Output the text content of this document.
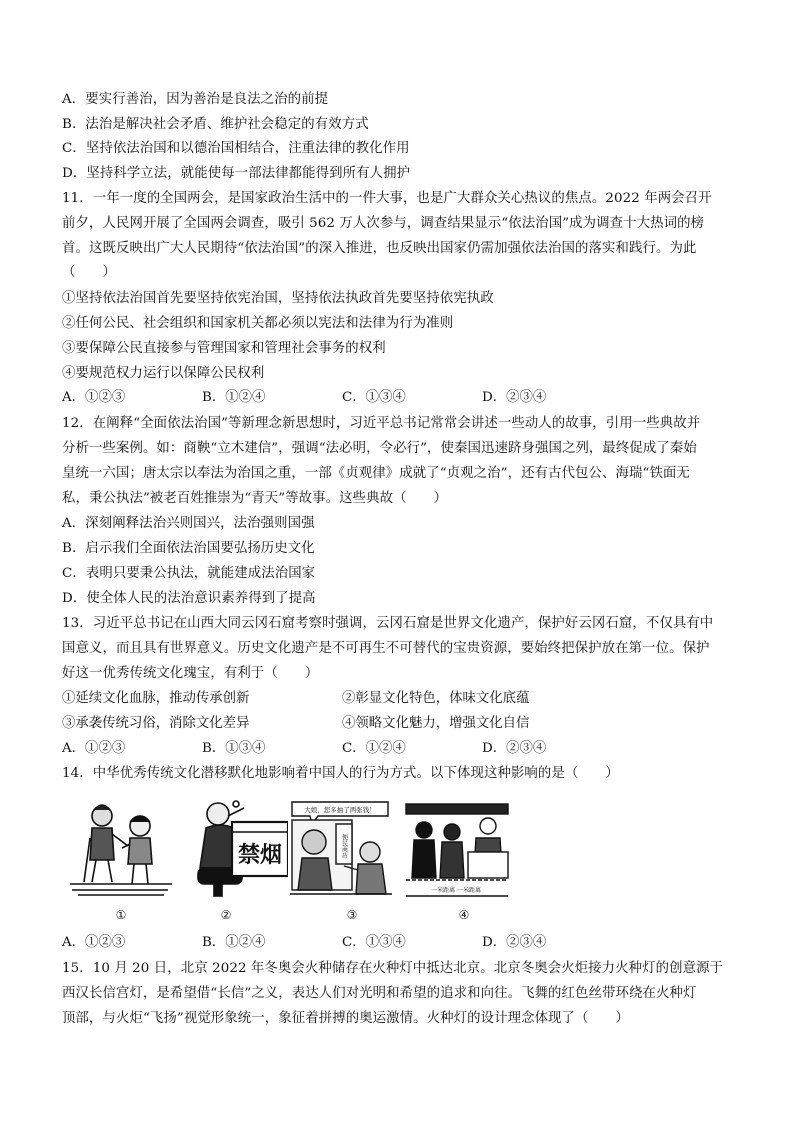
A．要实行善治，因为善治是良法之治的前提
B．法治是解决社会矛盾、维护社会稳定的有效方式
C．坚持依法治国和以德治国相结合，注重法律的教化作用
D．坚持科学立法，就能使每一部法律都能得到所有人拥护
11．一年一度的全国两会，是国家政治生活中的一件大事，也是广大群众关心热议的焦点。2022 年两会召开
前夕，人民网开展了全国两会调查，吸引 562 万人次参与，调查结果显示“依法治国”成为调查十大热词的榜
首。这既反映出广大人民期待“依法治国”的深入推进，也反映出国家仍需加强依法治国的落实和践行。为此
（　　）
①坚持依法治国首先要坚持依宪治国，坚持依法执政首先要坚持依宪执政
②任何公民、社会组织和国家机关都必须以宪法和法律为行为准则
③要保障公民直接参与管理国家和管理社会事务的权利
④要规范权力运行以保障公民权利
A．①②③	B．①②④	C．①③④	D．②③④
12．在阐释“全面依法治国”等新理念新思想时，习近平总书记常常会讲述一些动人的故事，引用一些典故并
分析一些案例。如：商鞅“立木建信”，强调“法必明，令必行”，使秦国迅速跻身强国之列，最终促成了秦始
皇统一六国；唐太宗以奉法为治国之重，一部《贞观律》成就了“贞观之治”，还有古代包公、海瑞“铁面无
私，秉公执法”被老百姓推崇为“青天”等故事。这些典故（　　）
A．深刻阐释法治兴则国兴，法治强则国强
B．启示我们全面依法治国要弘扬历史文化
C．表明只要秉公执法，就能建成法治国家
D．使全体人民的法治意识素养得到了提高
13．习近平总书记在山西大同云冈石窟考察时强调，云冈石窟是世界文化遗产，保护好云冈石窟，不仅具有中
国意义，而且具有世界意义。历史文化遗产是不可再生不可替代的宝贵资源，要始终把保护放在第一位。保护
好这一优秀传统文化瑰宝，有利于（　　）
①延续文化血脉，推动传承创新	②彰显文化特色，体味文化底蕴
③承袭传统习俗，消除文化差异	④领略文化魅力，增强文化自信
A．①②③	B．①③④	C．①②④	D．②③④
14．中华优秀传统文化潜移默化地影响着中国人的行为方式。以下体现这种影响的是（　　）
①
禁烟
②
大娘，您多抽了两张钱！
便民商店
③
一米距离 一米距离
④
A．①②③	B．①②④	C．①③④	D．②③④
15．10 月 20 日，北京 2022 年冬奥会火种储存在火种灯中抵达北京。北京冬奥会火炬接力火种灯的创意源于
西汉长信宫灯，是希望借“长信”之义，表达人们对光明和希望的追求和向往。飞舞的红色丝带环绕在火种灯
顶部，与火炬“飞扬”视觉形象统一，象征着拼搏的奥运激情。火种灯的设计理念体现了（　　）
